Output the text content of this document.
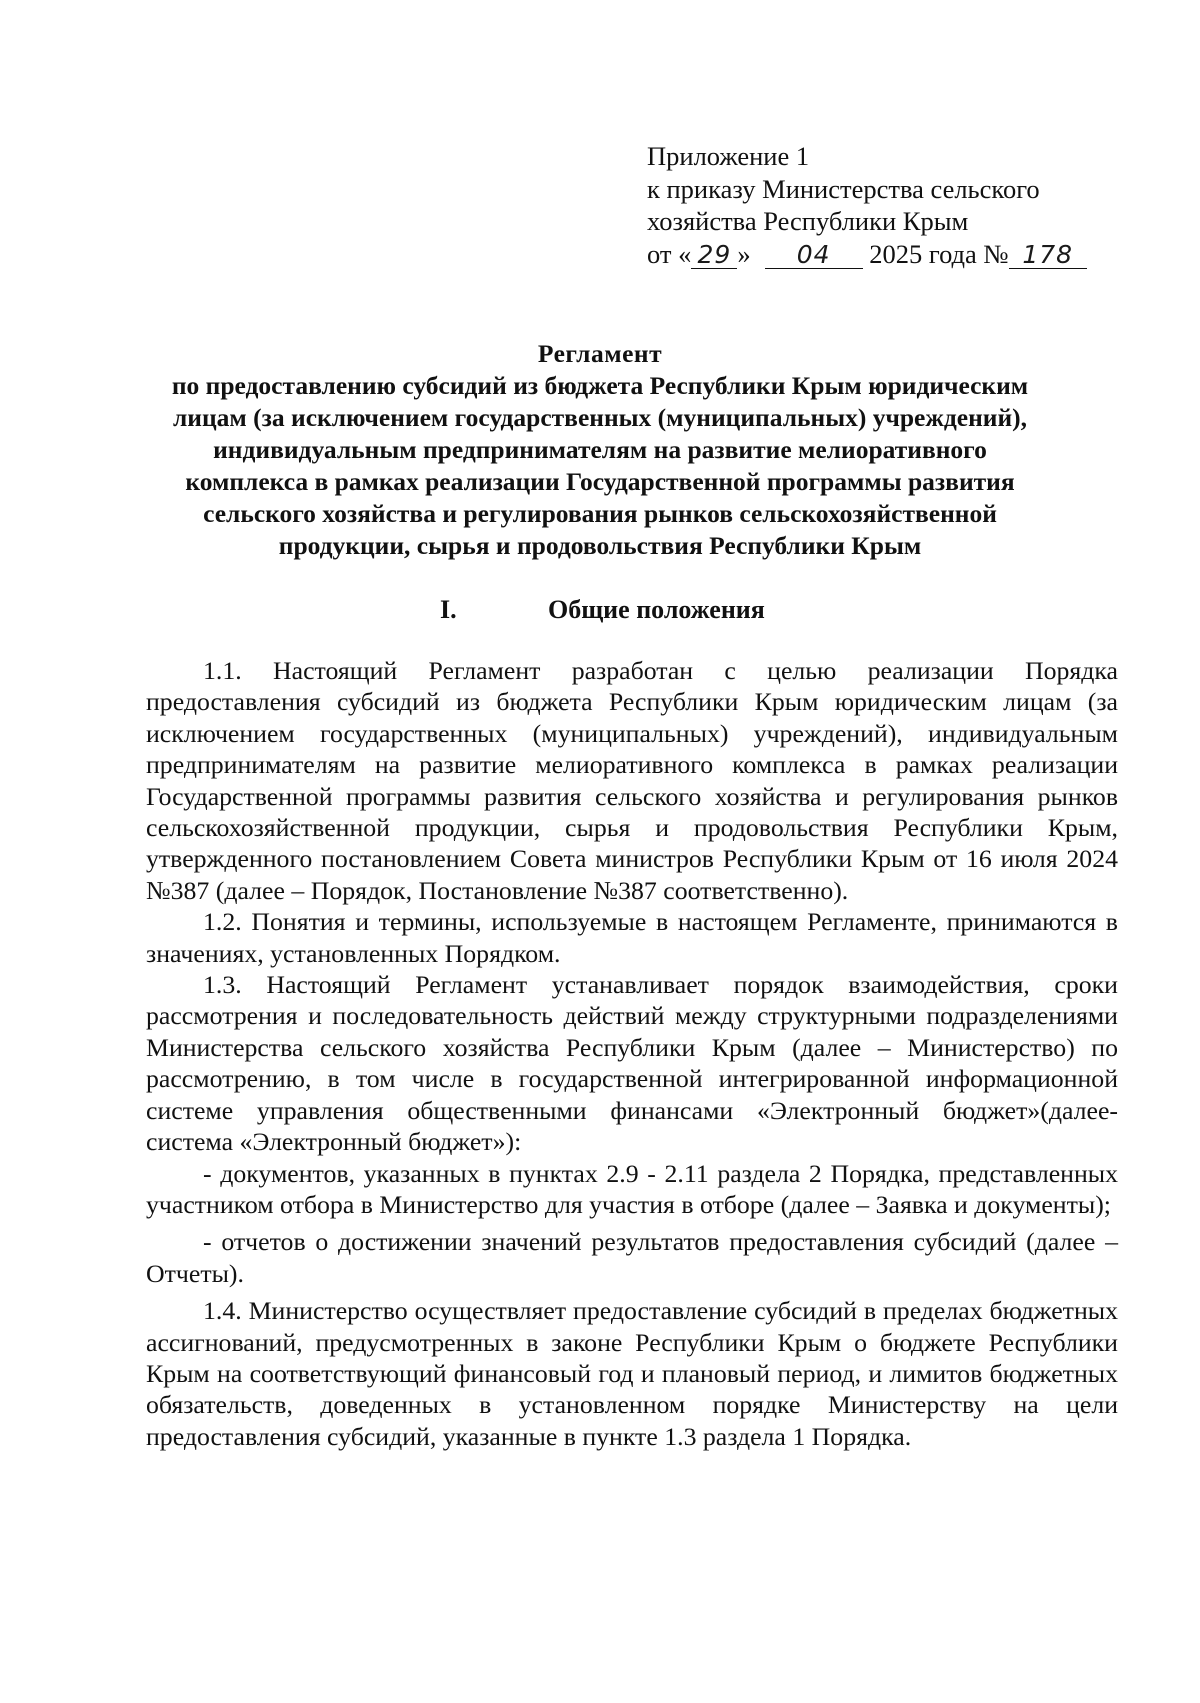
Приложение 1
к приказу Министерства сельского
хозяйства Республики Крым
от « 29 » 04 2025 года № 178
Регламент
по предоставлению субсидий из бюджета Республики Крым юридическим
лицам (за исключением государственных (муниципальных) учреждений),
индивидуальным предпринимателям на развитие мелиоративного
комплекса в рамках реализации Государственной программы развития
сельского хозяйства и регулирования рынков сельскохозяйственной
продукции, сырья и продовольствия Республики Крым
I.	Общие положения

1.1. Настоящий Регламент разработан с целью реализации Порядка предоставления субсидий из бюджета Республики Крым юридическим лицам (за исключением государственных (муниципальных) учреждений), индивидуальным предпринимателям на развитие мелиоративного комплекса в рамках реализации Государственной программы развития сельского хозяйства и регулирования рынков сельскохозяйственной продукции, сырья и продовольствия Республики Крым, утвержденного постановлением Совета министров Республики Крым от 16 июля 2024 №387 (далее – Порядок, Постановление №387 соответственно).

1.2. Понятия и термины, используемые в настоящем Регламенте, принимаются в значениях, установленных Порядком.

1.3. Настоящий Регламент устанавливает порядок взаимодействия, сроки рассмотрения и последовательность действий между структурными подразделениями Министерства сельского хозяйства Республики Крым (далее – Министерство) по рассмотрению, в том числе в государственной интегрированной информационной системе управления общественными финансами «Электронный бюджет»(далее- система «Электронный бюджет»):

- документов, указанных в пунктах 2.9 - 2.11 раздела 2 Порядка, представленных участником отбора в Министерство для участия в отборе (далее – Заявка и документы);

- отчетов о достижении значений результатов предоставления субсидий (далее – Отчеты).

1.4. Министерство осуществляет предоставление субсидий в пределах бюджетных ассигнований, предусмотренных в законе Республики Крым о бюджете Республики Крым на соответствующий финансовый год и плановый период, и лимитов бюджетных обязательств, доведенных в установленном порядке Министерству на цели предоставления субсидий, указанные в пункте 1.3 раздела 1 Порядка.
